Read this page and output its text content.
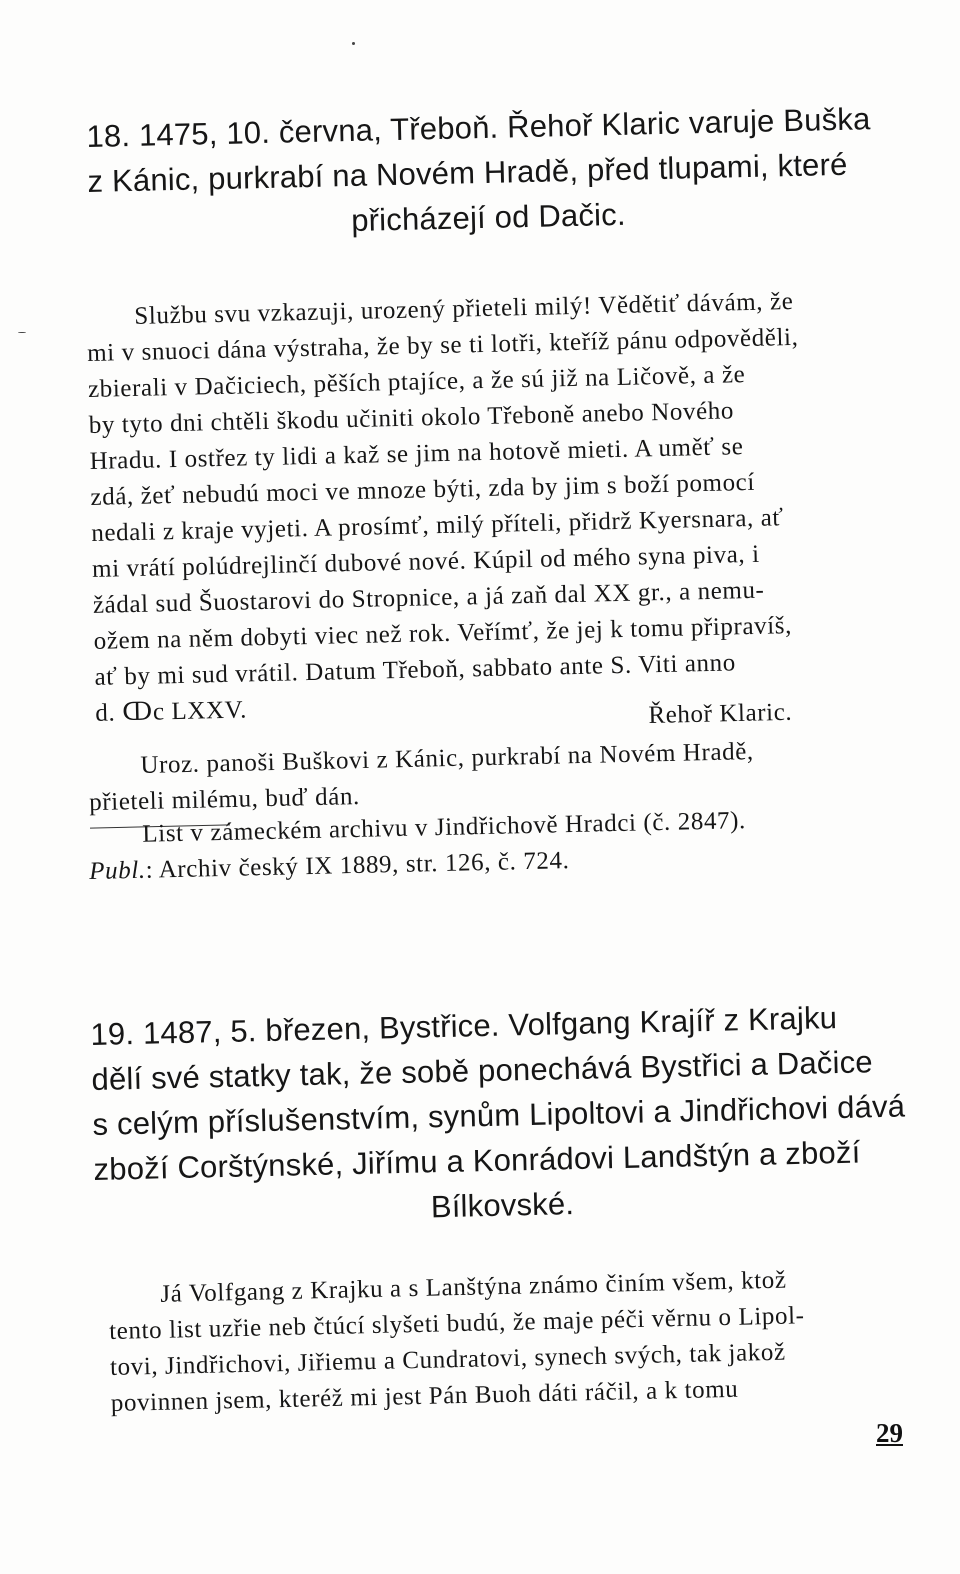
18. 1475, 10. června, Třeboň. Řehoř Klaric varuje Buška
z Kánic, purkrabí na Novém Hradě, před tlupami, které
přicházejí od Dačic.
Službu svu vzkazuji, urozený přieteli milý! Vědětiť dávám, že
mi v snuoci dána výstraha, že by se ti lotři, kteříž pánu odpověděli,
zbierali v Dačiciech, pěších ptajíce, a že sú již na Ličově, a že
by tyto dni chtěli škodu učiniti okolo Třeboně anebo Nového
Hradu. I ostřez ty lidi a kaž se jim na hotově mieti. A uměť se
zdá, žeť nebudú moci ve mnoze býti, zda by jim s boží pomocí
nedali z kraje vyjeti. A prosímť, milý příteli, přidrž Kyersnara, ať
mi vrátí polúdrejlinčí dubové nové. Kúpil od mého syna piva, i
žádal sud Šuostarovi do Stropnice, a já zaň dal XX gr., a nemu-
ožem na něm dobyti viec než rok. Veřímť, že jej k tomu připravíš,
ať by mi sud vrátil. Datum Třeboň, sabbato ante S. Viti anno
d. ↀc LXXV.	Řehoř Klaric.
Uroz. panoši Buškovi z Kánic, purkrabí na Novém Hradě,
přieteli milému, buď dán.
List v zámeckém archivu v Jindřichově Hradci (č. 2847).
Publ.: Archiv český IX 1889, str. 126, č. 724.
19. 1487, 5. březen, Bystřice. Volfgang Krajíř z Krajku
dělí své statky tak, že sobě ponechává Bystřici a Dačice
s celým příslušenstvím, synům Lipoltovi a Jindřichovi dává
zboží Corštýnské, Jiřímu a Konrádovi Landštýn a zboží
Bílkovské.
Já Volfgang z Krajku a s Lanštýna známo činím všem, ktož
tento list uzřie neb čtúcí slyšeti budú, že maje péči věrnu o Lipol-
tovi, Jindřichovi, Jiřiemu a Cundratovi, synech svých, tak jakož
povinnen jsem, kteréž mi jest Pán Buoh dáti ráčil, a k tomu
29
